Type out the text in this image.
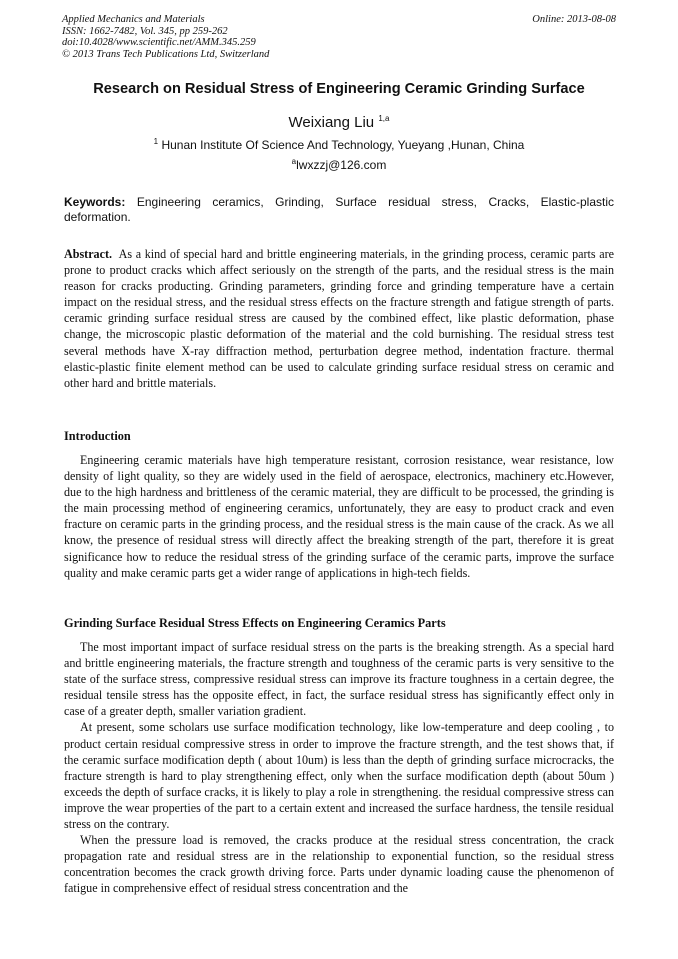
Applied Mechanics and Materials
ISSN: 1662-7482, Vol. 345, pp 259-262
doi:10.4028/www.scientific.net/AMM.345.259
© 2013 Trans Tech Publications Ltd, Switzerland
Online: 2013-08-08
Research on Residual Stress of Engineering Ceramic Grinding Surface
Weixiang Liu $^{1,a}$
$^1$ Hunan Institute Of Science And Technology, Yueyang ,Hunan, China
$^a$lwxzzj@126.com
Keywords: Engineering ceramics, Grinding, Surface residual stress, Cracks, Elastic-plastic deformation.
Abstract. As a kind of special hard and brittle engineering materials, in the grinding process, ceramic parts are prone to product cracks which affect seriously on the strength of the parts, and the residual stress is the main reason for cracks producting. Grinding parameters, grinding force and grinding temperature have a certain impact on the residual stress, and the residual stress effects on the fracture strength and fatigue strength of parts. ceramic grinding surface residual stress are caused by the combined effect, like plastic deformation, phase change, the microscopic plastic deformation of the material and the cold burnishing. The residual stress test several methods have X-ray diffraction method, perturbation degree method, indentation fracture. thermal elastic-plastic finite element method can be used to calculate grinding surface residual stress on ceramic and other hard and brittle materials.
Introduction

Engineering ceramic materials have high temperature resistant, corrosion resistance, wear resistance, low density of light quality, so they are widely used in the field of aerospace, electronics, machinery etc.However, due to the high hardness and brittleness of the ceramic material, they are difficult to be processed, the grinding is the main processing method of engineering ceramics, unfortunately, they are easy to product crack and even fracture on ceramic parts in the grinding process, and the residual stress is the main cause of the crack. As we all know, the presence of residual stress will directly affect the breaking strength of the part, therefore it is great significance how to reduce the residual stress of the grinding surface of the ceramic parts, improve the surface quality and make ceramic parts get a wider range of applications in high-tech fields.

Grinding Surface Residual Stress Effects on Engineering Ceramics Parts

The most important impact of surface residual stress on the parts is the breaking strength. As a special hard and brittle engineering materials, the fracture strength and toughness of the ceramic parts is very sensitive to the state of the surface stress, compressive residual stress can improve its fracture toughness in a certain degree, the residual tensile stress has the opposite effect, in fact, the surface residual stress has significantly effect only in case of a greater depth, smaller variation gradient.

At present, some scholars use surface modification technology, like low-temperature and deep cooling , to product certain residual compressive stress in order to improve the fracture strength, and the test shows that, if the ceramic surface modification depth ( about 10um) is less than the depth of grinding surface microcracks, the fracture strength is hard to play strengthening effect, only when the surface modification depth (about 50um ) exceeds the depth of surface cracks, it is likely to play a role in strengthening. the residual compressive stress can improve the wear properties of the part to a certain extent and increased the surface hardness, the tensile residual stress on the contrary.

When the pressure load is removed, the cracks produce at the residual stress concentration, the crack propagation rate and residual stress are in the relationship to exponential function, so the residual stress concentration becomes the crack growth driving force. Parts under dynamic loading cause the phenomenon of fatigue in comprehensive effect of residual stress concentration and the
